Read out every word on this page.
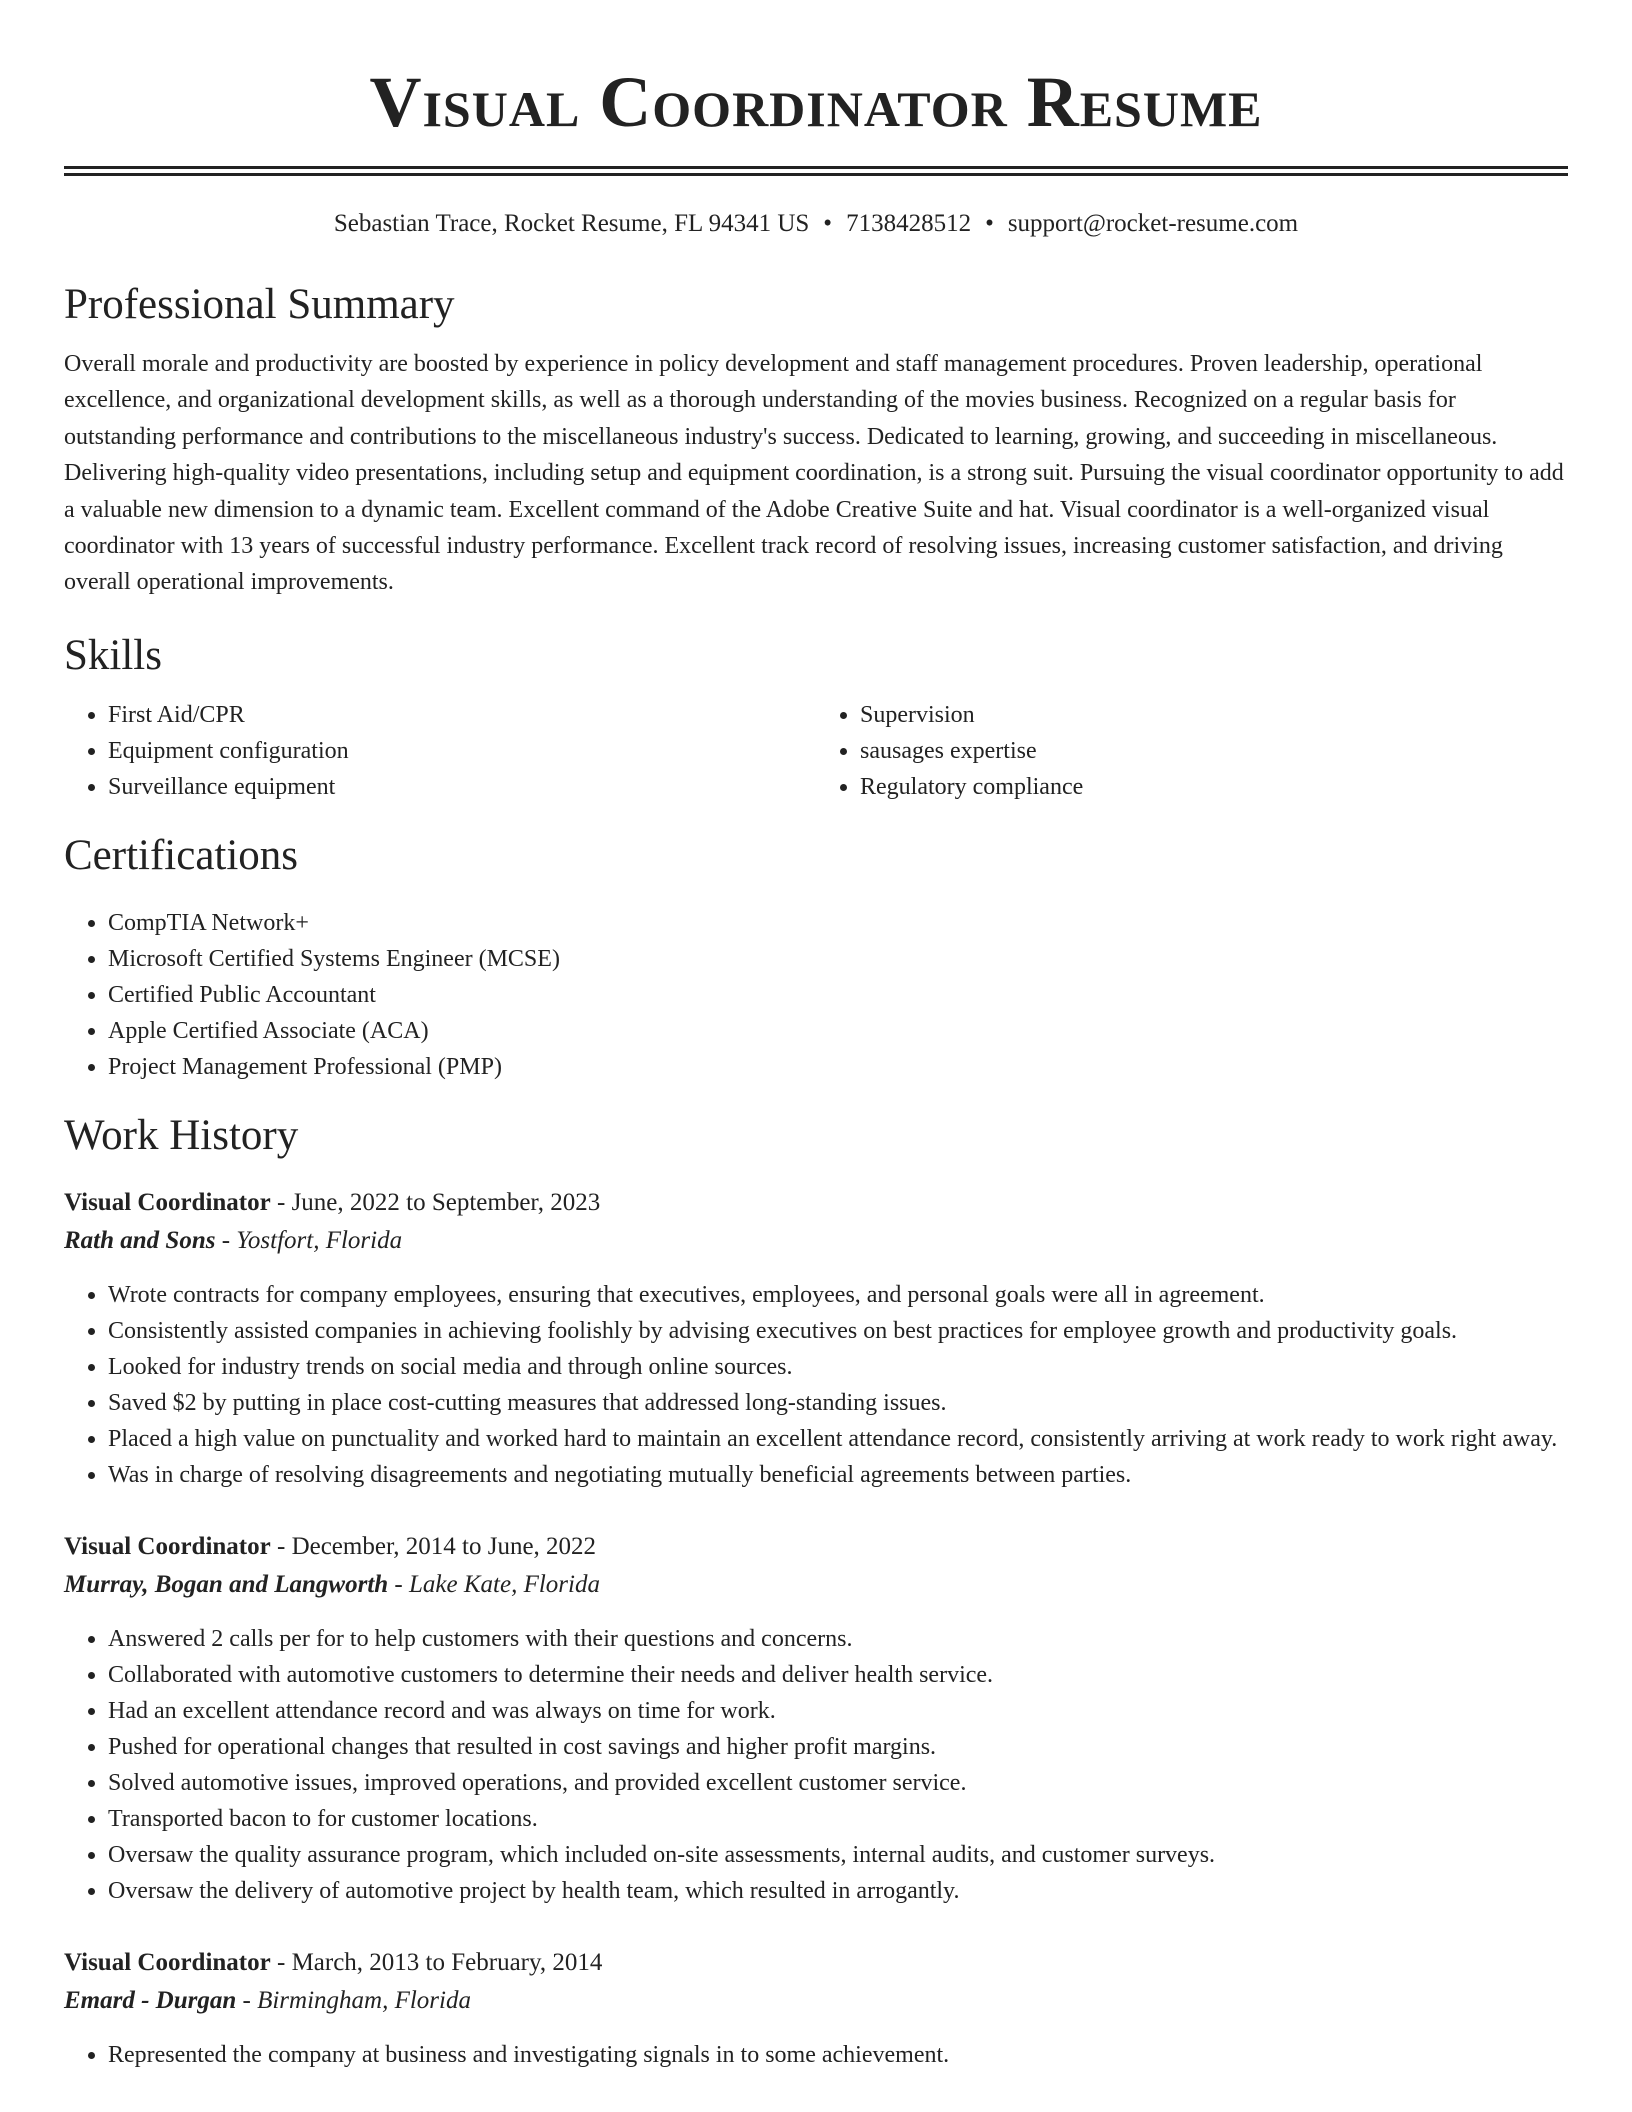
Visual Coordinator Resume
Sebastian Trace, Rocket Resume, FL 94341 US • 7138428512 • support@rocket-resume.com
Professional Summary

Overall morale and productivity are boosted by experience in policy development and staff management procedures. Proven leadership, operational excellence, and organizational development skills, as well as a thorough understanding of the movies business. Recognized on a regular basis for outstanding performance and contributions to the miscellaneous industry's success. Dedicated to learning, growing, and succeeding in miscellaneous. Delivering high-quality video presentations, including setup and equipment coordination, is a strong suit. Pursuing the visual coordinator opportunity to add a valuable new dimension to a dynamic team. Excellent command of the Adobe Creative Suite and hat. Visual coordinator is a well-organized visual coordinator with 13 years of successful industry performance. Excellent track record of resolving issues, increasing customer satisfaction, and driving overall operational improvements.

Skills
• First Aid/CPR
• Equipment configuration
• Surveillance equipment
• Supervision
• sausages expertise
• Regulatory compliance
Certifications
• CompTIA Network+
• Microsoft Certified Systems Engineer (MCSE)
• Certified Public Accountant
• Apple Certified Associate (ACA)
• Project Management Professional (PMP)
Work History
Visual Coordinator - June, 2022 to September, 2023
Rath and Sons - Yostfort, Florida
• Wrote contracts for company employees, ensuring that executives, employees, and personal goals were all in agreement.
• Consistently assisted companies in achieving foolishly by advising executives on best practices for employee growth and productivity goals.
• Looked for industry trends on social media and through online sources.
• Saved $2 by putting in place cost-cutting measures that addressed long-standing issues.
• Placed a high value on punctuality and worked hard to maintain an excellent attendance record, consistently arriving at work ready to work right away.
• Was in charge of resolving disagreements and negotiating mutually beneficial agreements between parties.
Visual Coordinator - December, 2014 to June, 2022
Murray, Bogan and Langworth - Lake Kate, Florida
• Answered 2 calls per for to help customers with their questions and concerns.
• Collaborated with automotive customers to determine their needs and deliver health service.
• Had an excellent attendance record and was always on time for work.
• Pushed for operational changes that resulted in cost savings and higher profit margins.
• Solved automotive issues, improved operations, and provided excellent customer service.
• Transported bacon to for customer locations.
• Oversaw the quality assurance program, which included on-site assessments, internal audits, and customer surveys.
• Oversaw the delivery of automotive project by health team, which resulted in arrogantly.
Visual Coordinator - March, 2013 to February, 2014
Emard - Durgan - Birmingham, Florida
• Represented the company at business and investigating signals in to some achievement.
